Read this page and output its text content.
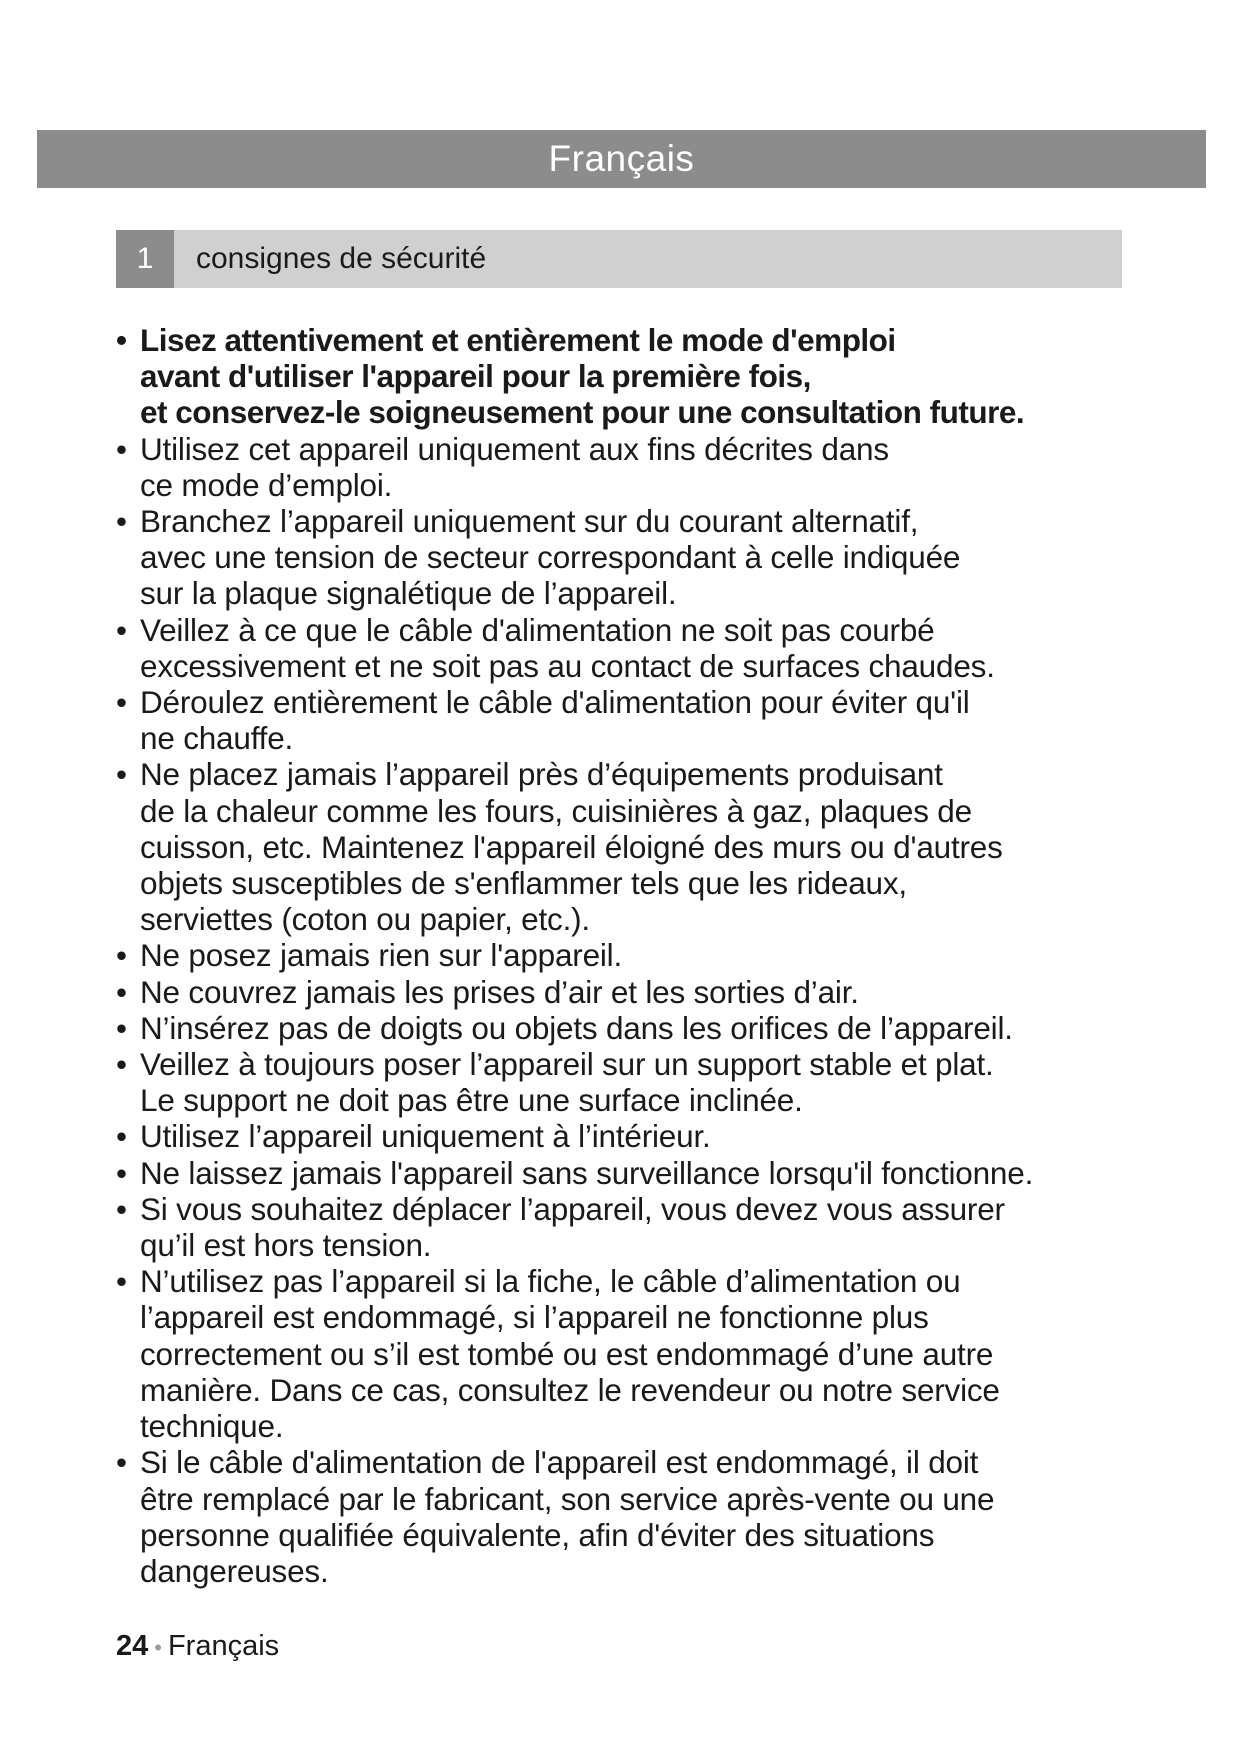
Français
1	consignes de sécurité
• Lisez attentivement et entièrement le mode d'emploi
avant d'utiliser l'appareil pour la première fois,
et conservez-le soigneusement pour une consultation future.
• Utilisez cet appareil uniquement aux fins décrites dans
ce mode d’emploi.
• Branchez l’appareil uniquement sur du courant alternatif,
avec une tension de secteur correspondant à celle indiquée
sur la plaque signalétique de l’appareil.
• Veillez à ce que le câble d'alimentation ne soit pas courbé
excessivement et ne soit pas au contact de surfaces chaudes.
• Déroulez entièrement le câble d'alimentation pour éviter qu'il
ne chauffe.
• Ne placez jamais l’appareil près d’équipements produisant
de la chaleur comme les fours, cuisinières à gaz, plaques de
cuisson, etc. Maintenez l'appareil éloigné des murs ou d'autres
objets susceptibles de s'enflammer tels que les rideaux,
serviettes (coton ou papier, etc.).
• Ne posez jamais rien sur l'appareil.
• Ne couvrez jamais les prises d’air et les sorties d’air.
• N’insérez pas de doigts ou objets dans les orifices de l’appareil.
• Veillez à toujours poser l’appareil sur un support stable et plat.
Le support ne doit pas être une surface inclinée.
• Utilisez l’appareil uniquement à l’intérieur.
• Ne laissez jamais l'appareil sans surveillance lorsqu'il fonctionne.
• Si vous souhaitez déplacer l’appareil, vous devez vous assurer
qu’il est hors tension.
• N’utilisez pas l’appareil si la fiche, le câble d’alimentation ou
l’appareil est endommagé, si l’appareil ne fonctionne plus
correctement ou s’il est tombé ou est endommagé d’une autre
manière. Dans ce cas, consultez le revendeur ou notre service
technique.
• Si le câble d'alimentation de l'appareil est endommagé, il doit
être remplacé par le fabricant, son service après-vente ou une
personne qualifiée équivalente, afin d'éviter des situations
dangereuses.
24 • Français
